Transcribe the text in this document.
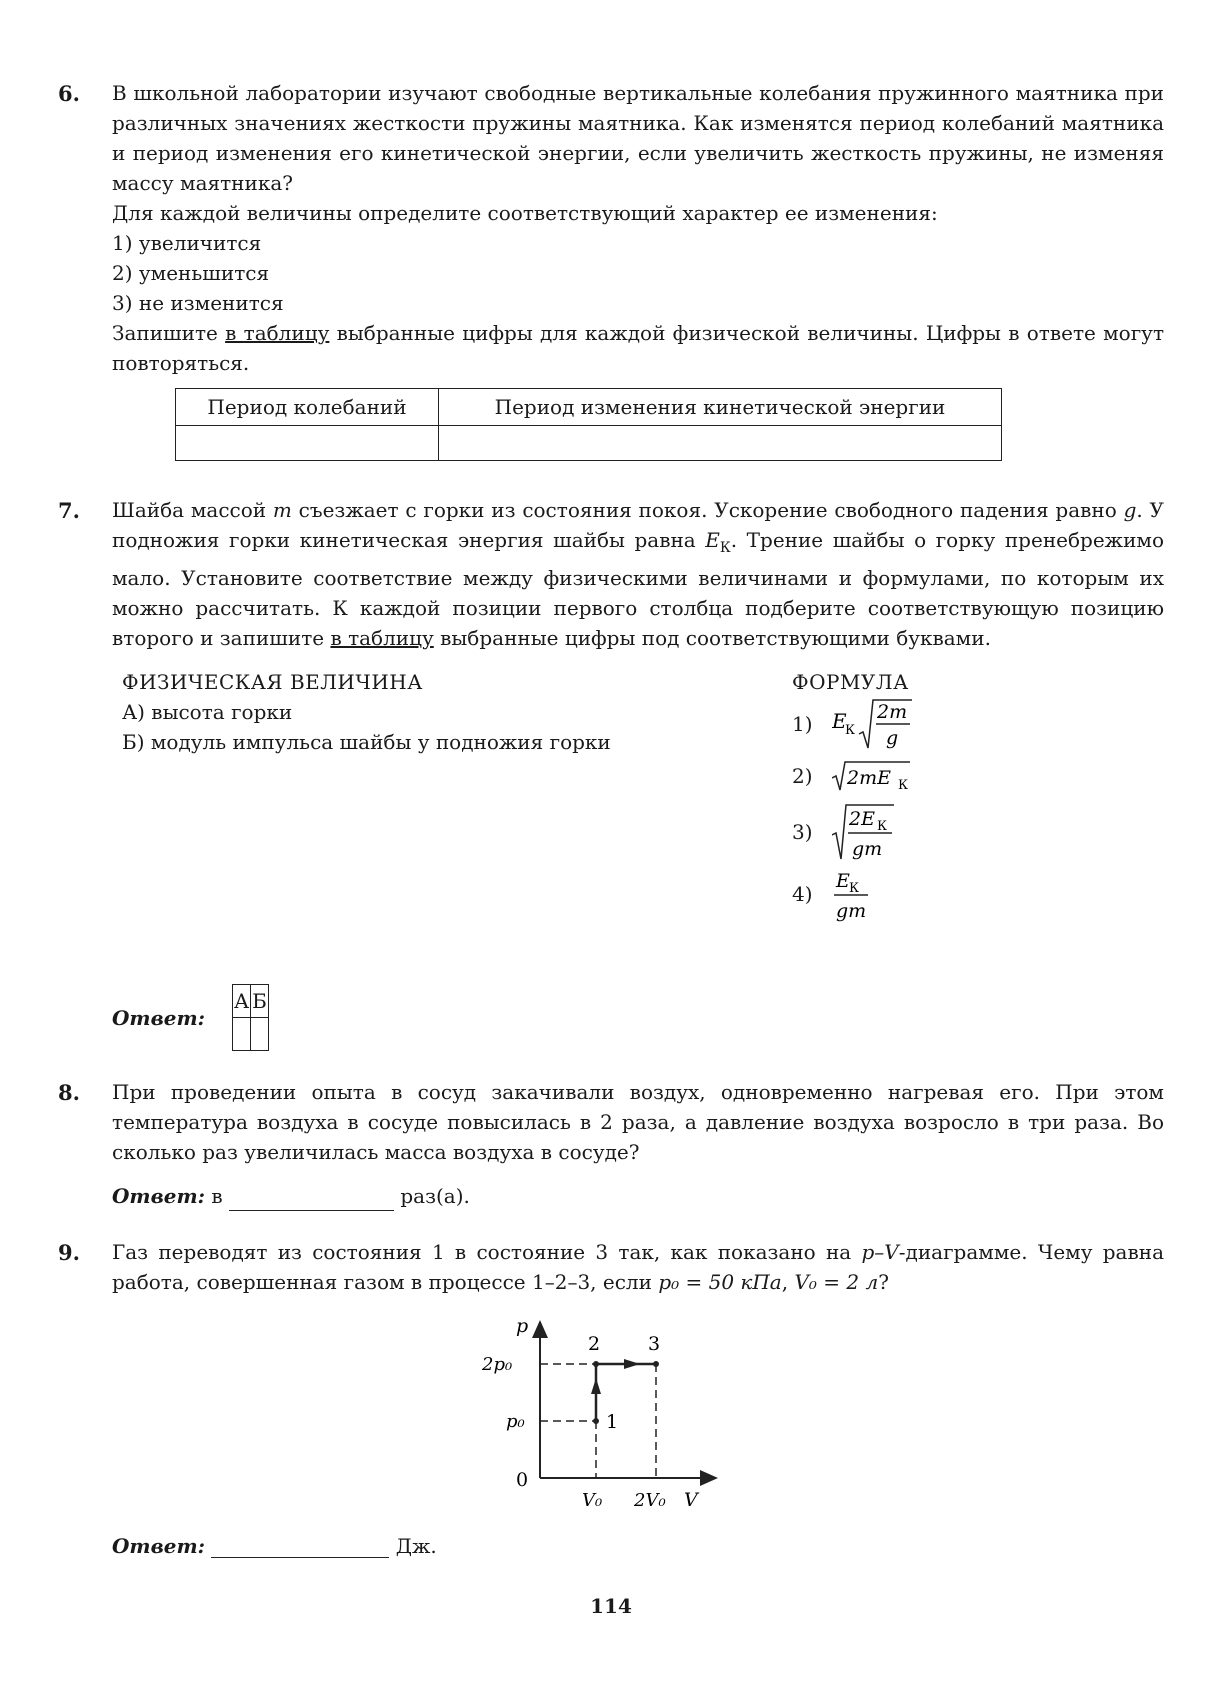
6. В школьной лаборатории изучают свободные вертикальные колебания пружинного маятника при различных значениях жесткости пружины маятника. Как изменятся период колебаний маятника и период изменения его кинетической энергии, если увеличить жесткость пружины, не изменяя массу маятника?

Для каждой величины определите соответствующий характер ее изменения:

1) увеличится
2) уменьшится
3) не изменится

Запишите в таблицу выбранные цифры для каждой физической величины. Цифры в ответе могут повторяться.

Период колебаний	Период изменения кинетической энергии

7. Шайба массой m съезжает с горки из состояния покоя. Ускорение свободного падения равно g. У подножия горки кинетическая энергия шайбы равна $E_К$. Трение шайбы о горку пренебрежимо мало. Установите соответствие между физическими величинами и формулами, по которым их можно рассчитать. К каждой позиции первого столбца подберите соответствующую позицию второго и запишите в таблицу выбранные цифры под соответствующими буквами.

ФИЗИЧЕСКАЯ ВЕЛИЧИНА
А) высота горки
Б) модуль импульса шайбы у подножия горки
ФОРМУЛА
1) E
К
2m
g
2)	2mE К
3)
2E К
gm
4)
E К
gm
Ответ:
А	Б

8. При проведении опыта в сосуд закачивали воздух, одновременно нагревая его. При этом температура воздуха в сосуде повысилась в 2 раза, а давление воздуха возросло в три раза. Во сколько раз увеличилась масса воздуха в сосуде?

Ответ: в	раз(а).

9. Газ переводят из состояния 1 в состояние 3 так, как показано на p–V-диаграмме. Чему равна работа, совершенная газом в процессе 1–2–3, если p₀ = 50 кПа, V₀ = 2 л?

p
V
0
2p₀
p₀
V₀ 2V₀
1
2	3
Ответ:	Дж.
114
